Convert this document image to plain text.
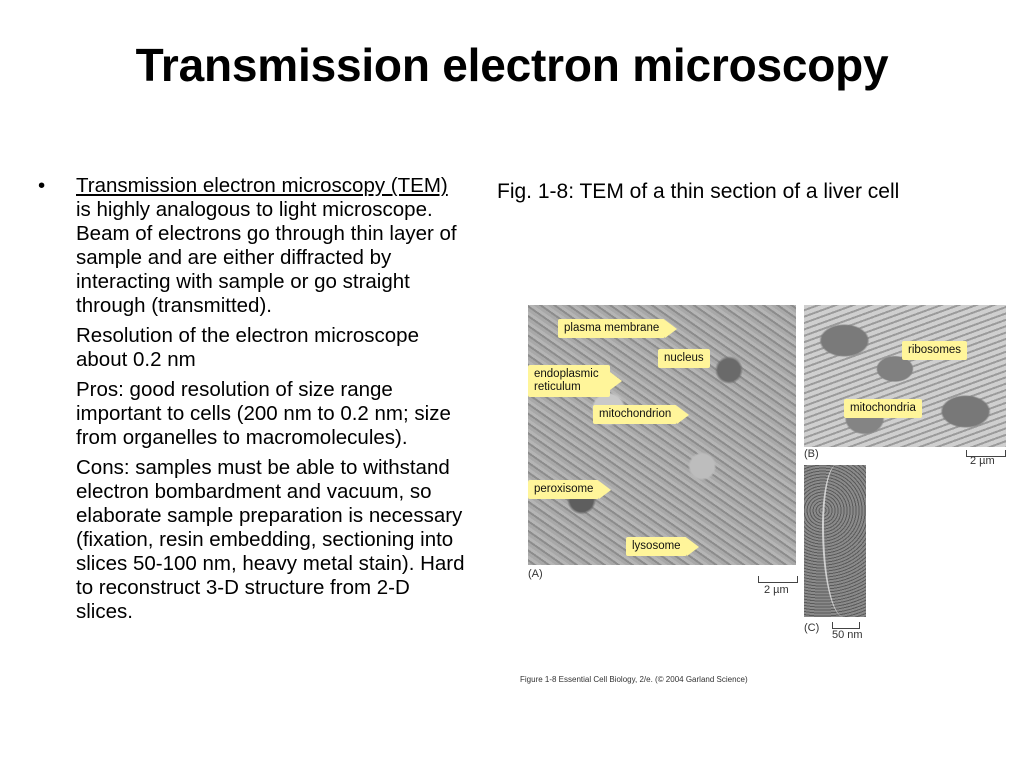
Transmission electron microscopy
• Transmission electron microscopy (TEM) is highly analogous to light microscope. Beam of electrons go through thin layer of sample and are either diffracted by interacting with sample or go straight through (transmitted).
Resolution of the electron microscope about 0.2 nm
Pros: good resolution of size range important to cells (200 nm to 0.2 nm; size from organelles to macromolecules).
Cons: samples must be able to withstand electron bombardment and vacuum, so elaborate sample preparation is necessary (fixation, resin embedding, sectioning into slices 50-100 nm, heavy metal stain). Hard to reconstruct 3-D structure from 2-D slices.
Fig. 1-8: TEM of a thin section of a liver cell
plasma membrane
nucleus
endoplasmic reticulum
mitochondrion
peroxisome
lysosome
(A)
2 µm
ribosomes
mitochondria
(B)
2 µm
(C)
50 nm
Figure 1-8 Essential Cell Biology, 2/e. (© 2004 Garland Science)
